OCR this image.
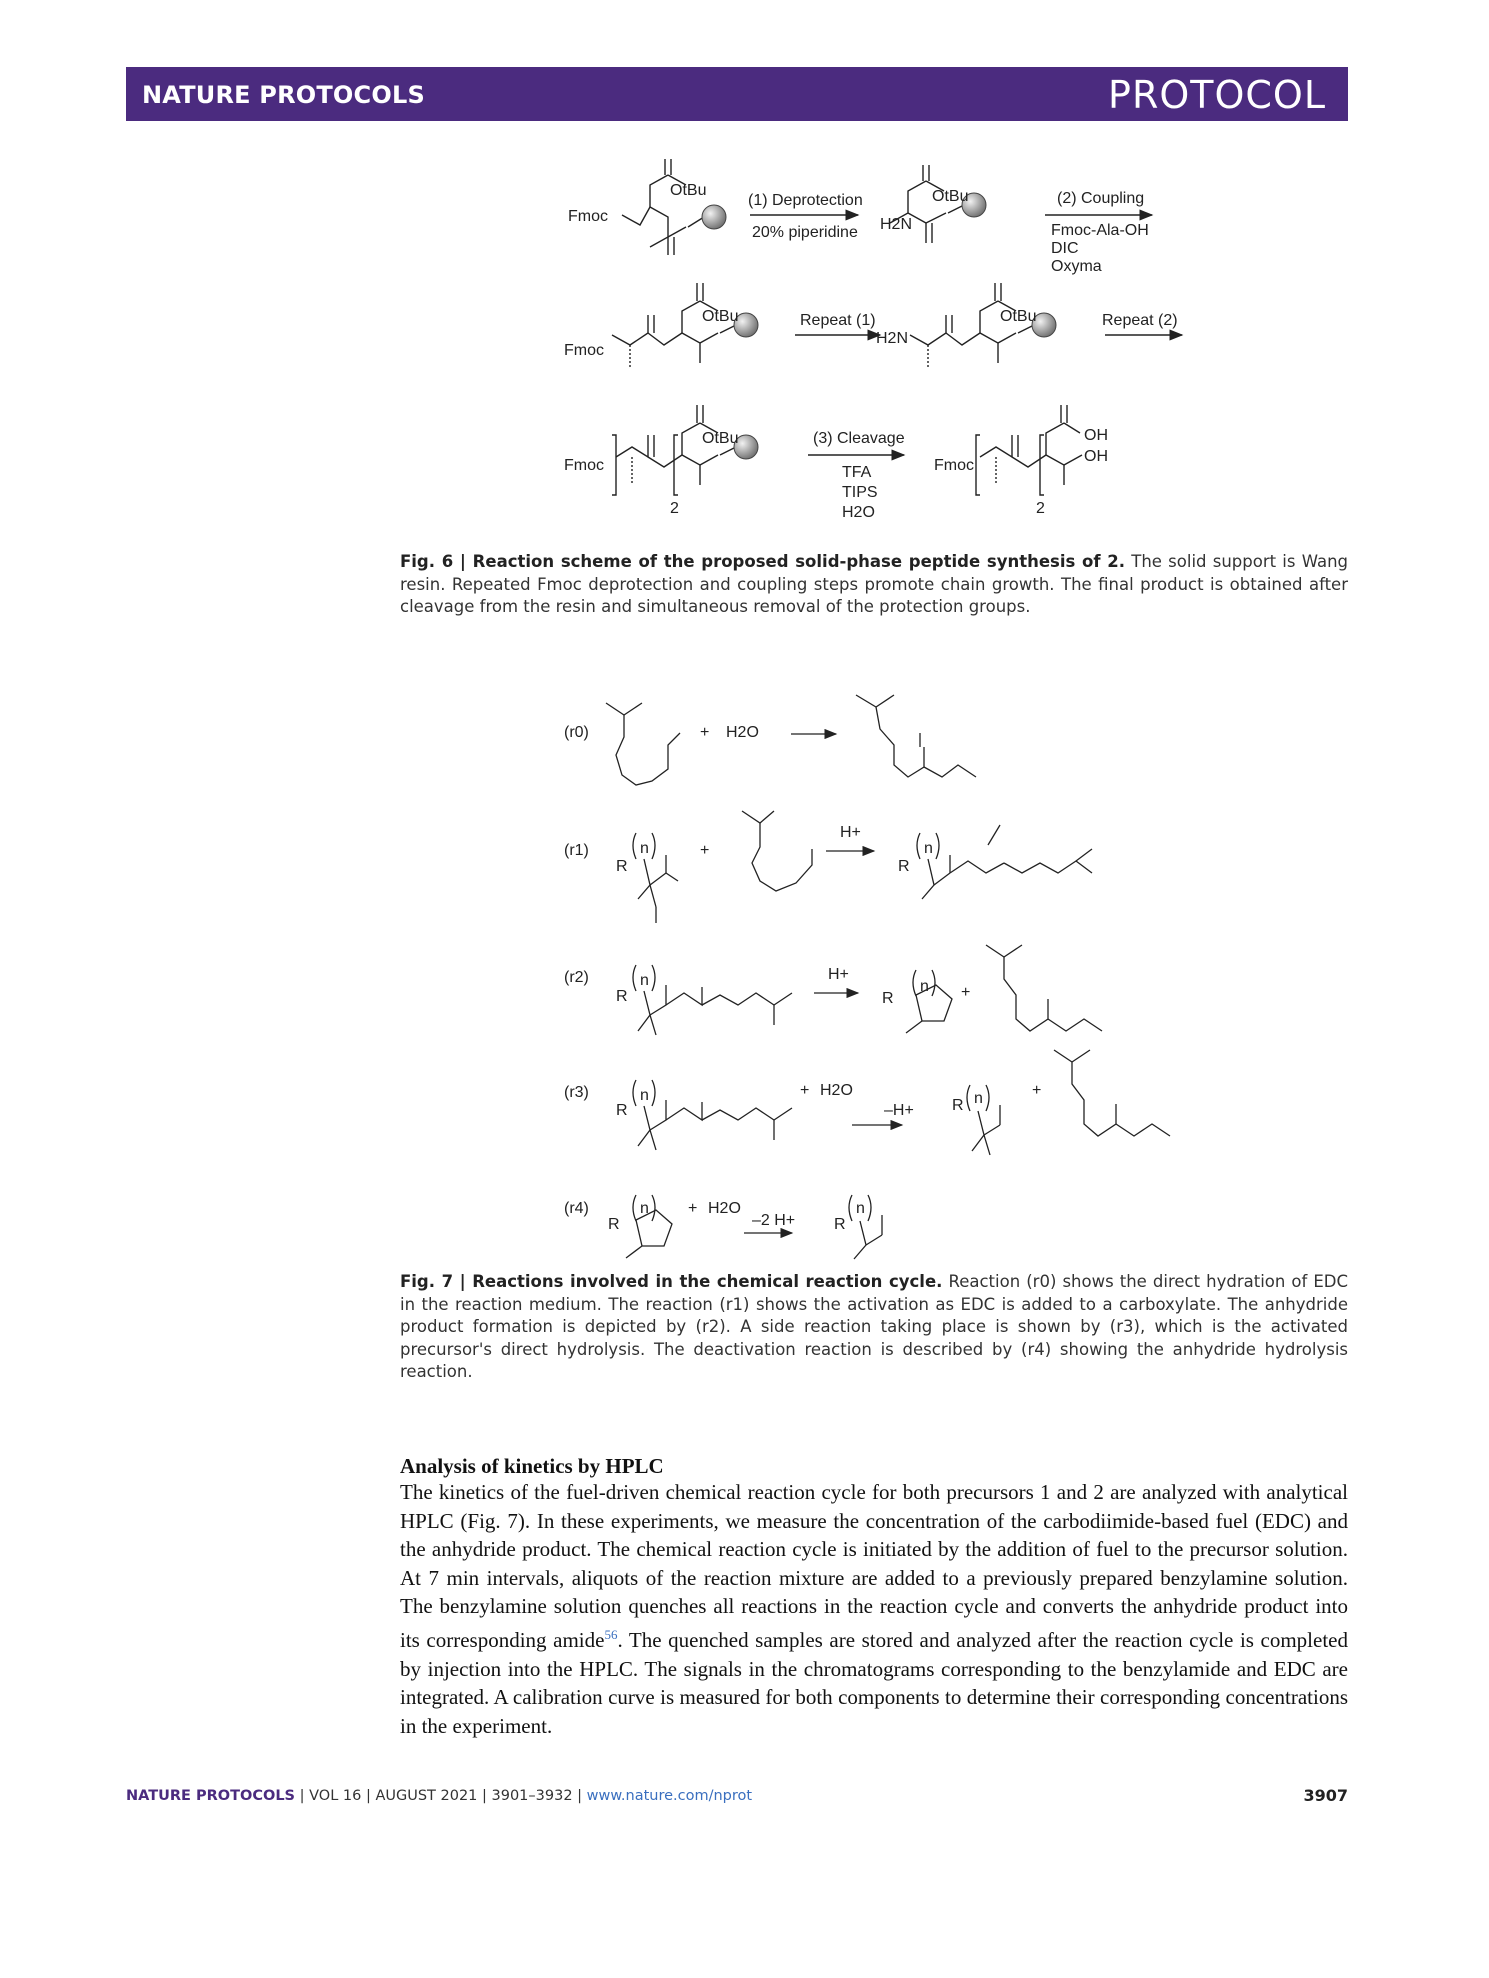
NATURE PROTOCOLS	PROTOCOL
Fmoc
OtBu
(1) Deprotection
20% piperidine H2N
OtBu	(2) Coupling
Fmoc-Ala-OH
DIC
Oxyma
Fmoc
OtBu	Repeat (1)
H2N
OtBu	Repeat (2)
Fmoc
2
OtBu	(3) Cleavage
TFA
TIPS
H2O
Fmoc
2
OH
OH
Fig. 6 | Reaction scheme of the proposed solid-phase peptide synthesis of 2. The solid support is Wang resin. Repeated Fmoc deprotection and coupling steps promote chain growth. The final product is obtained after cleavage from the resin and simultaneous removal of the protection groups.
(r0)	+ H2O
(r1)
R
n	+
H+
R
n
(r2)
R
n	H+
R
n +
(r3)
R
n	+ H2O
–H+ R n	+
(r4)
R
n + H2O
–2 H+ R
n
Fig. 7 | Reactions involved in the chemical reaction cycle. Reaction (r0) shows the direct hydration of EDC in the reaction medium. The reaction (r1) shows the activation as EDC is added to a carboxylate. The anhydride product formation is depicted by (r2). A side reaction taking place is shown by (r3), which is the activated precursor's direct hydrolysis. The deactivation reaction is described by (r4) showing the anhydride hydrolysis reaction.
Analysis of kinetics by HPLC
The kinetics of the fuel-driven chemical reaction cycle for both precursors 1 and 2 are analyzed with analytical HPLC (Fig. 7). In these experiments, we measure the concentration of the carbodiimide-based fuel (EDC) and the anhydride product. The chemical reaction cycle is initiated by the addition of fuel to the precursor solution. At 7 min intervals, aliquots of the reaction mixture are added to a previously prepared benzylamine solution. The benzylamine solution quenches all reactions in the reaction cycle and converts the anhydride product into its corresponding amide$^{56}$. The quenched samples are stored and analyzed after the reaction cycle is completed by injection into the HPLC. The signals in the chromatograms corresponding to the benzylamide and EDC are integrated. A calibration curve is measured for both components to determine their corresponding concentrations in the experiment.
NATURE PROTOCOLS | VOL 16 | AUGUST 2021 | 3901–3932 | www.nature.com/nprot	3907
